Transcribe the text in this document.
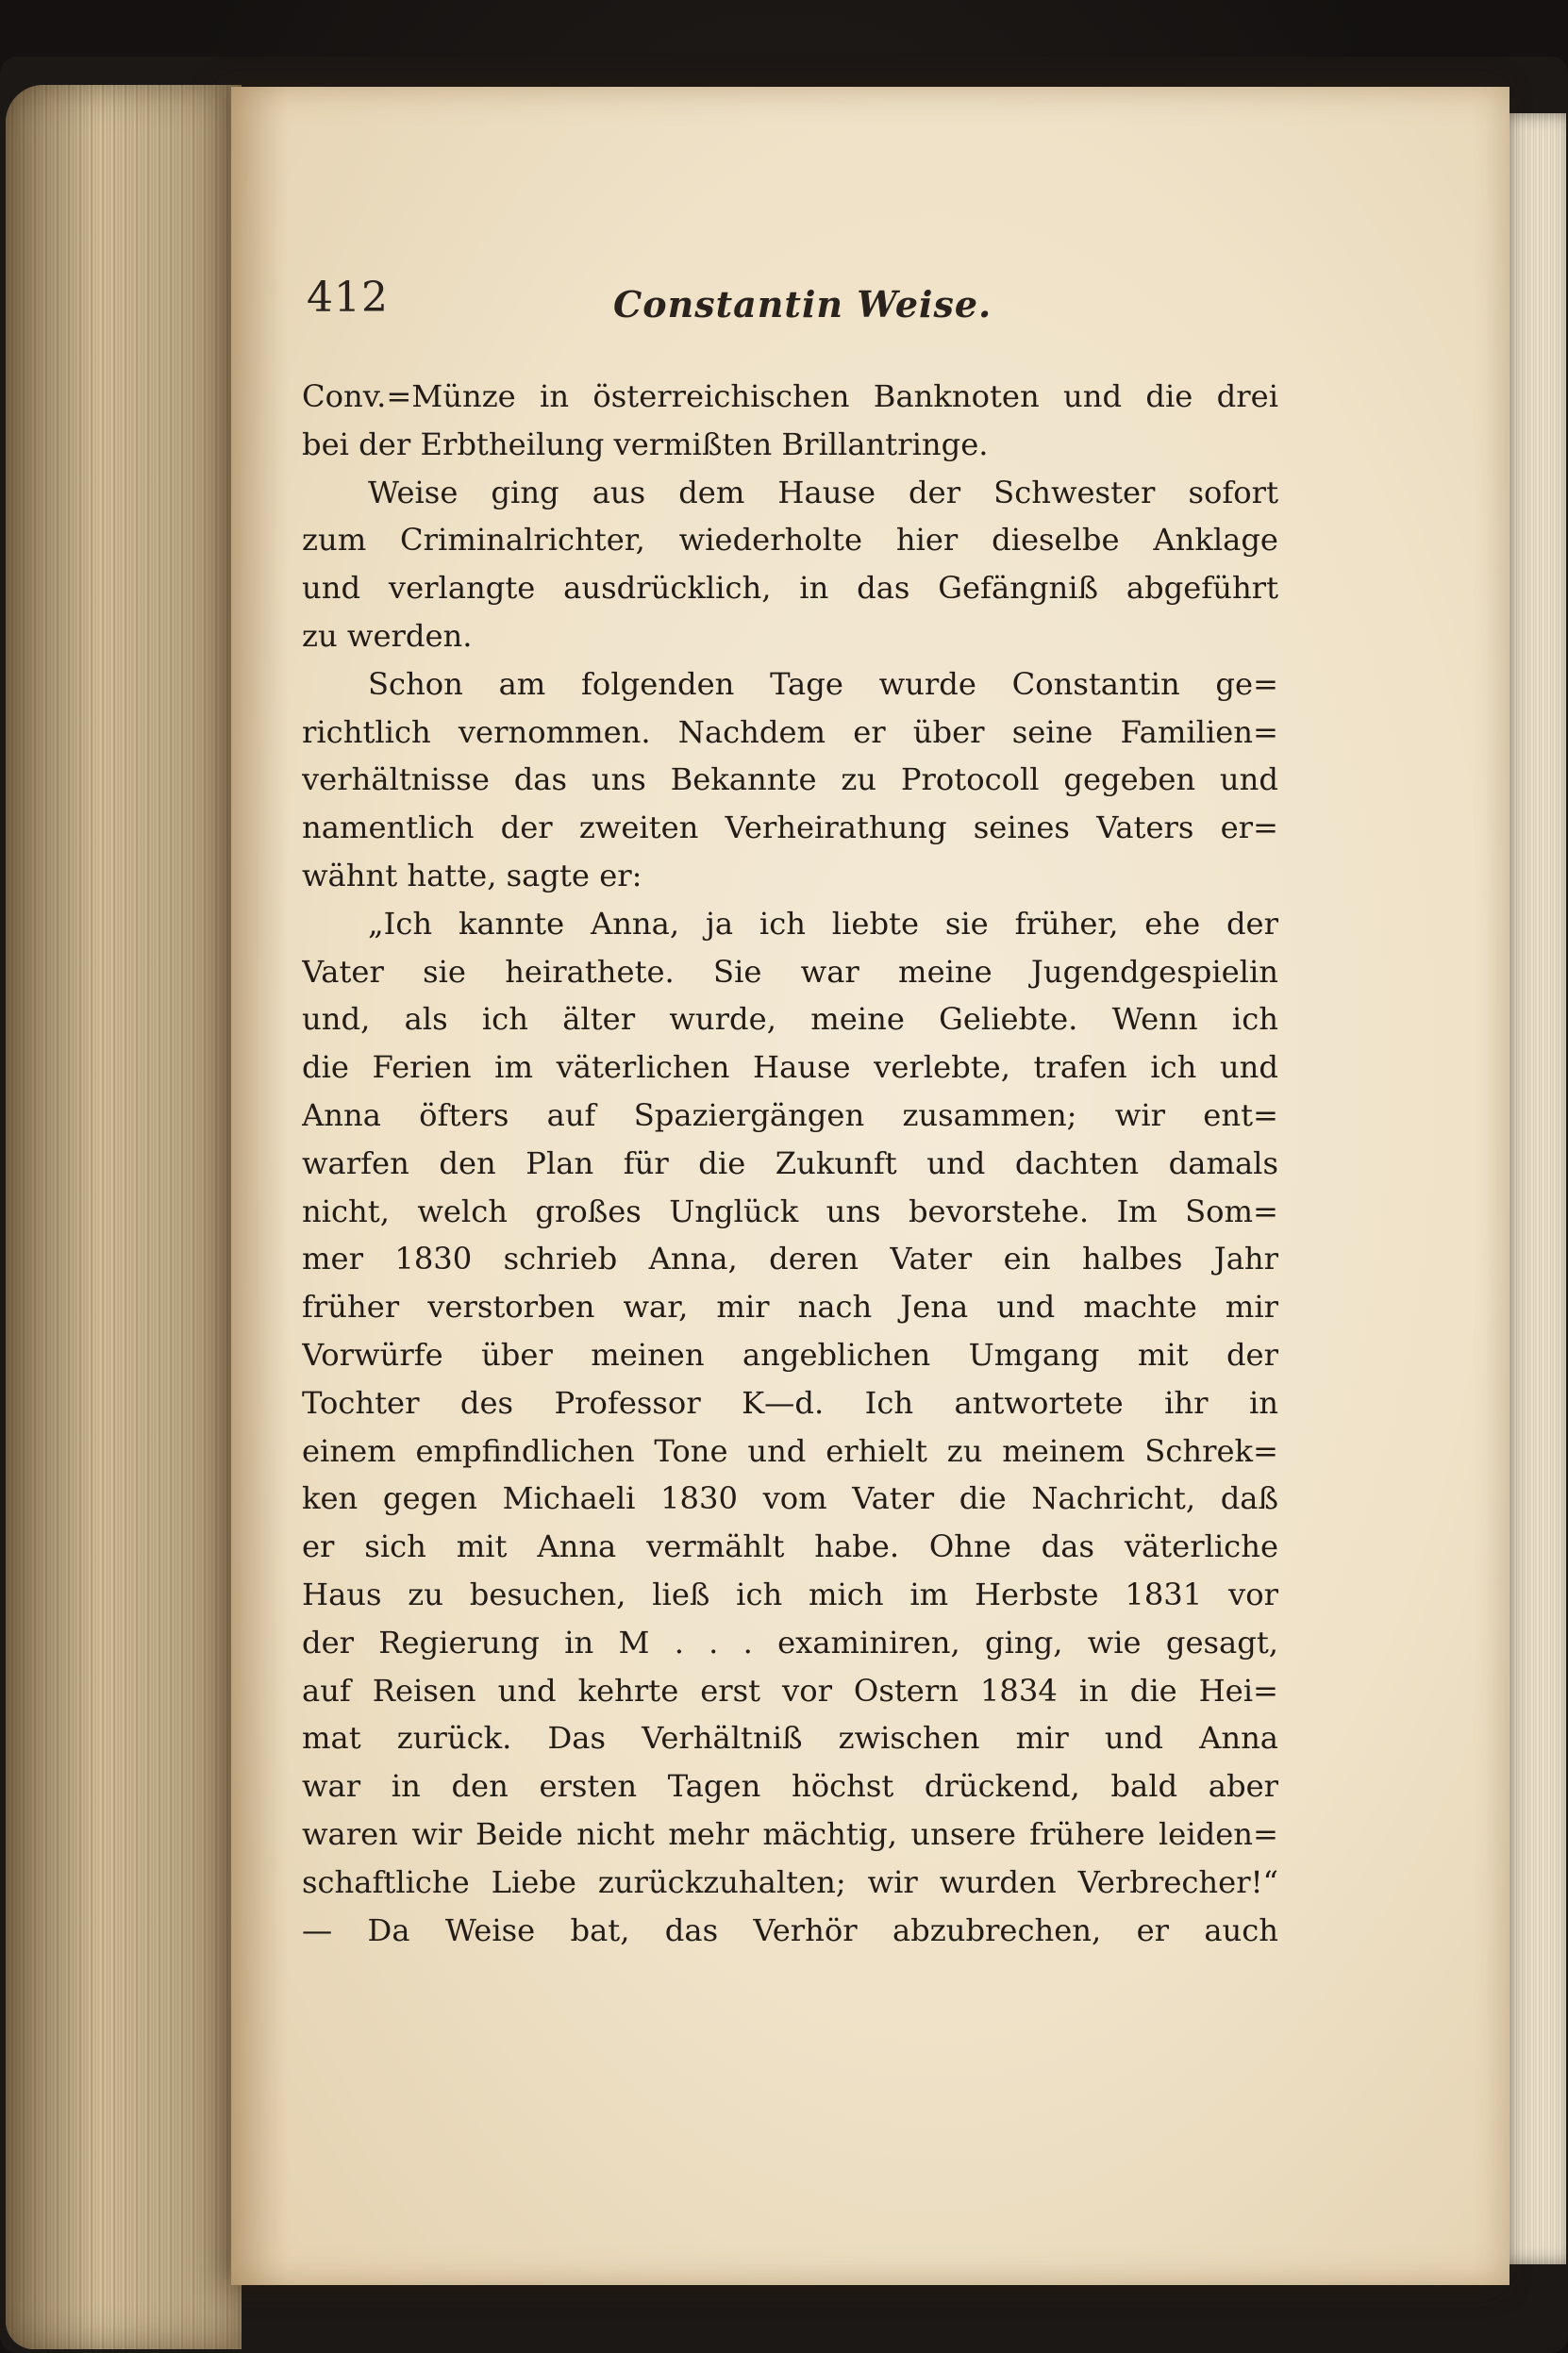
412	Constantin Weise.
Conv.=Münze in österreichischen Banknoten und die drei
bei der Erbtheilung vermißten Brillantringe.
Weise ging aus dem Hause der Schwester sofort
zum Criminalrichter, wiederholte hier dieselbe Anklage
und verlangte ausdrücklich, in das Gefängniß abgeführt
zu werden.
Schon am folgenden Tage wurde Constantin ge=
richtlich vernommen. Nachdem er über seine Familien=
verhältnisse das uns Bekannte zu Protocoll gegeben und
namentlich der zweiten Verheirathung seines Vaters er=
wähnt hatte, sagte er:
„Ich kannte Anna, ja ich liebte sie früher, ehe der
Vater sie heirathete. Sie war meine Jugendgespielin
und, als ich älter wurde, meine Geliebte. Wenn ich
die Ferien im väterlichen Hause verlebte, trafen ich und
Anna öfters auf Spaziergängen zusammen; wir ent=
warfen den Plan für die Zukunft und dachten damals
nicht, welch großes Unglück uns bevorstehe. Im Som=
mer 1830 schrieb Anna, deren Vater ein halbes Jahr
früher verstorben war, mir nach Jena und machte mir
Vorwürfe über meinen angeblichen Umgang mit der
Tochter des Professor K—d. Ich antwortete ihr in
einem empfindlichen Tone und erhielt zu meinem Schrek=
ken gegen Michaeli 1830 vom Vater die Nachricht, daß
er sich mit Anna vermählt habe. Ohne das väterliche
Haus zu besuchen, ließ ich mich im Herbste 1831 vor
der Regierung in M . . . examiniren, ging, wie gesagt,
auf Reisen und kehrte erst vor Ostern 1834 in die Hei=
mat zurück. Das Verhältniß zwischen mir und Anna
war in den ersten Tagen höchst drückend, bald aber
waren wir Beide nicht mehr mächtig, unsere frühere leiden=
schaftliche Liebe zurückzuhalten; wir wurden Verbrecher!“
— Da Weise bat, das Verhör abzubrechen, er auch
